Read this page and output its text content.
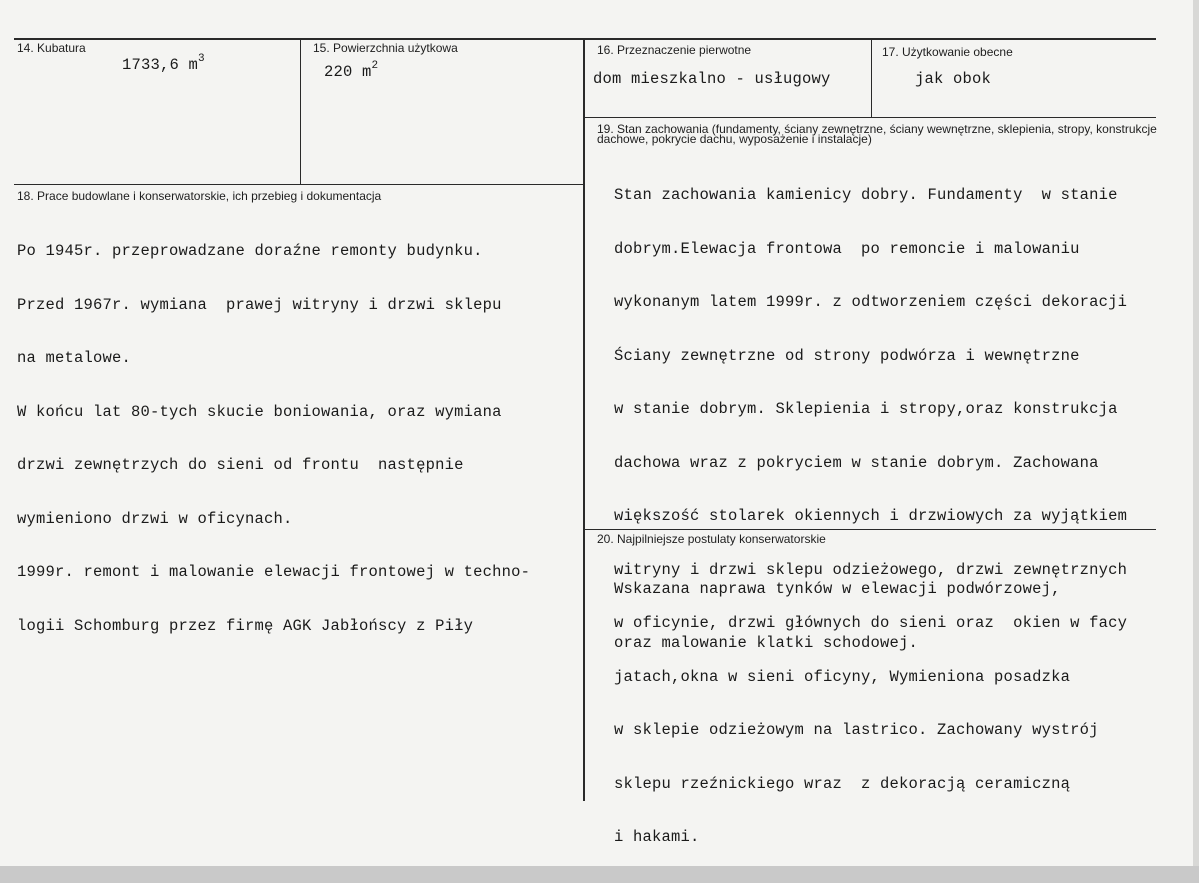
14. Kubatura
1733,6 $m^3$
15. Powierzchnia użytkowa
220 $m^2$
16. Przeznaczenie pierwotne
dom mieszkalno - usługowy
17. Użytkowanie obecne
jak obok
19. Stan zachowania (fundamenty, ściany zewnętrzne, ściany wewnętrzne, sklepienia, stropy, konstrukcje dachowe, pokrycie dachu, wyposażenie i instalacje)

Stan zachowania kamienicy dobry. Fundamenty  w stanie

dobrym.Elewacja frontowa  po remoncie i malowaniu

wykonanym latem 1999r. z odtworzeniem części dekoracji

Ściany zewnętrzne od strony podwórza i wewnętrzne

w stanie dobrym. Sklepienia i stropy,oraz konstrukcja

dachowa wraz z pokryciem w stanie dobrym. Zachowana

większość stolarek okiennych i drzwiowych za wyjątkiem

witryny i drzwi sklepu odzieżowego, drzwi zewnętrznych

w oficynie, drzwi głównych do sieni oraz  okien w facy

jatach,okna w sieni oficyny, Wymieniona posadzka

w sklepie odzieżowym na lastrico. Zachowany wystrój

sklepu rzeźnickiego wraz  z dekoracją ceramiczną

i hakami.

18. Prace budowlane i konserwatorskie, ich przebieg i dokumentacja

Po 1945r. przeprowadzane doraźne remonty budynku.

Przed 1967r. wymiana  prawej witryny i drzwi sklepu

na metalowe.

W końcu lat 80-tych skucie boniowania, oraz wymiana

drzwi zewnętrzych do sieni od frontu  następnie

wymieniono drzwi w oficynach.

1999r. remont i malowanie elewacji frontowej w techno-

logii Schomburg przez firmę AGK Jabłońscy z Piły

20. Najpilniejsze postulaty konserwatorskie

Wskazana naprawa tynków w elewacji podwórzowej,

oraz malowanie klatki schodowej.
